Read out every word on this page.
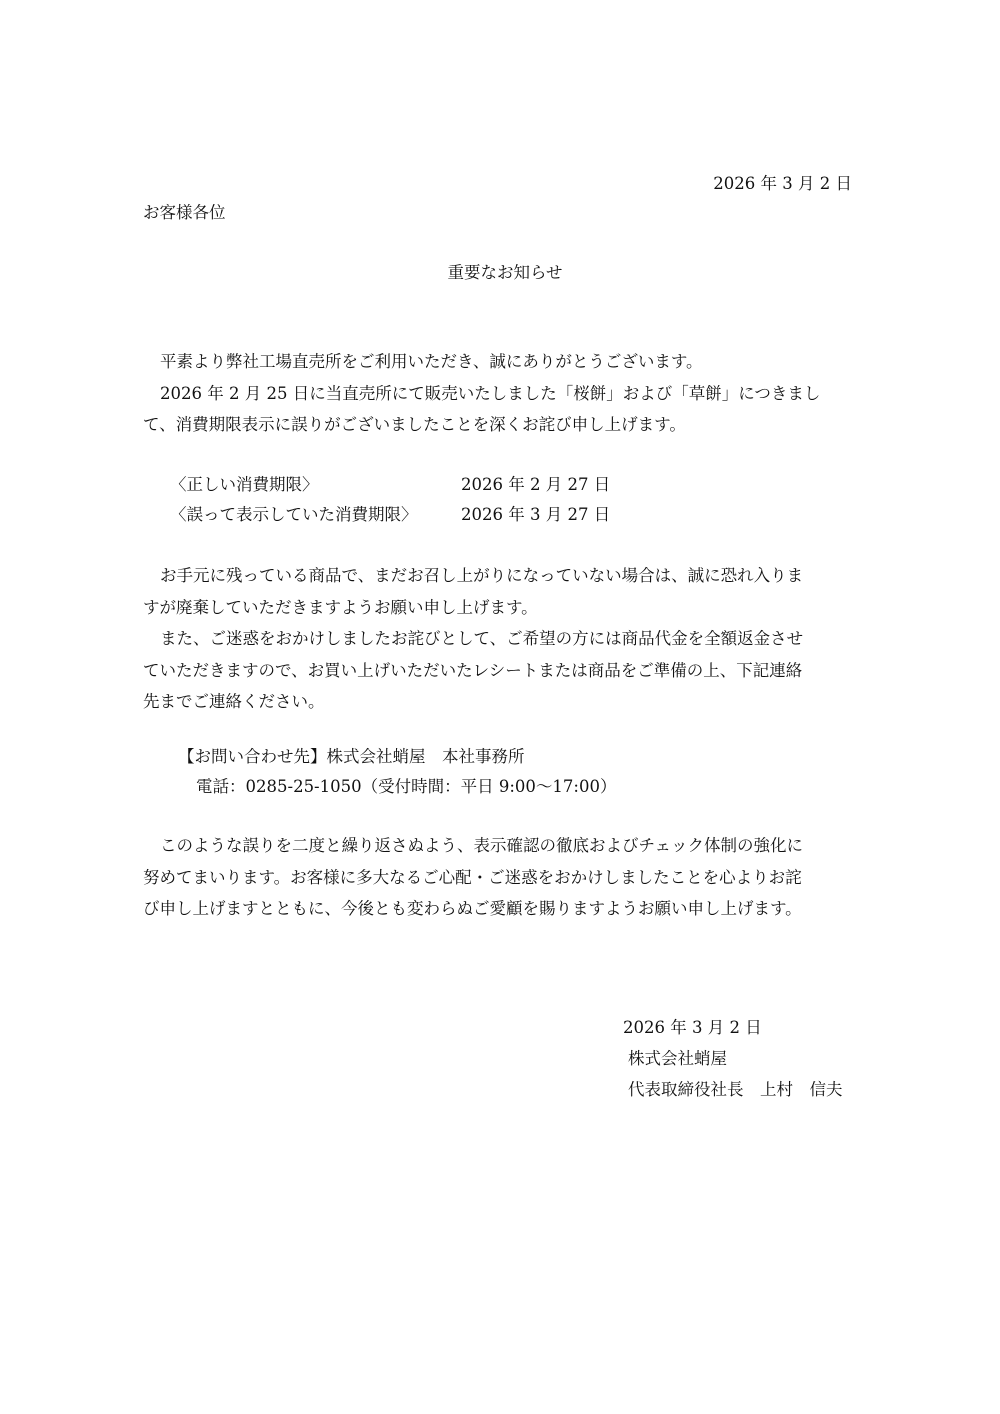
2026 年 3 月 2 日
お客様各位
重要なお知らせ
平素より弊社工場直売所をご利用いただき、誠にありがとうございます。
2026 年 2 月 25 日に当直売所にて販売いたしました「桜餅」および「草餅」につきまし
て、消費期限表示に誤りがございましたことを深くお詫び申し上げます。
〈正しい消費期限〉	2026 年 2 月 27 日
〈誤って表示していた消費期限〉	2026 年 3 月 27 日
お手元に残っている商品で、まだお召し上がりになっていない場合は、誠に恐れ入りま
すが廃棄していただきますようお願い申し上げます。
また、ご迷惑をおかけしましたお詫びとして、ご希望の方には商品代金を全額返金させ
ていただきますので、お買い上げいただいたレシートまたは商品をご準備の上、下記連絡
先までご連絡ください。
【お問い合わせ先】株式会社蛸屋　本社事務所
電話：0285-25-1050（受付時間：平日 9:00〜17:00）
このような誤りを二度と繰り返さぬよう、表示確認の徹底およびチェック体制の強化に
努めてまいります。お客様に多大なるご心配・ご迷惑をおかけしましたことを心よりお詫
び申し上げますとともに、今後とも変わらぬご愛顧を賜りますようお願い申し上げます。
2026 年 3 月 2 日
株式会社蛸屋
代表取締役社長　上村　信夫
